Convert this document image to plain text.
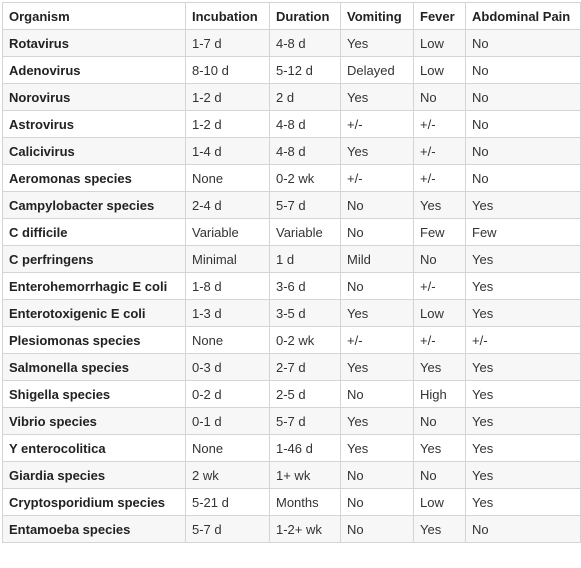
Organism	Incubation	Duration	Vomiting	Fever	Abdominal Pain
Rotavirus	1-7 d	4-8 d	Yes	Low	No
Adenovirus	8-10 d	5-12 d	Delayed	Low	No
Norovirus	1-2 d	2 d	Yes	No	No
Astrovirus	1-2 d	4-8 d	+/-	+/-	No
Calicivirus	1-4 d	4-8 d	Yes	+/-	No
Aeromonas species	None	0-2 wk	+/-	+/-	No
Campylobacter species	2-4 d	5-7 d	No	Yes	Yes
C difficile	Variable	Variable	No	Few	Few
C perfringens	Minimal	1 d	Mild	No	Yes
Enterohemorrhagic E coli	1-8 d	3-6 d	No	+/-	Yes
Enterotoxigenic E coli	1-3 d	3-5 d	Yes	Low	Yes
Plesiomonas species	None	0-2 wk	+/-	+/-	+/-
Salmonella species	0-3 d	2-7 d	Yes	Yes	Yes
Shigella species	0-2 d	2-5 d	No	High	Yes
Vibrio species	0-1 d	5-7 d	Yes	No	Yes
Y enterocolitica	None	1-46 d	Yes	Yes	Yes
Giardia species	2 wk	1+ wk	No	No	Yes
Cryptosporidium species	5-21 d	Months	No	Low	Yes
Entamoeba species	5-7 d	1-2+ wk	No	Yes	No
